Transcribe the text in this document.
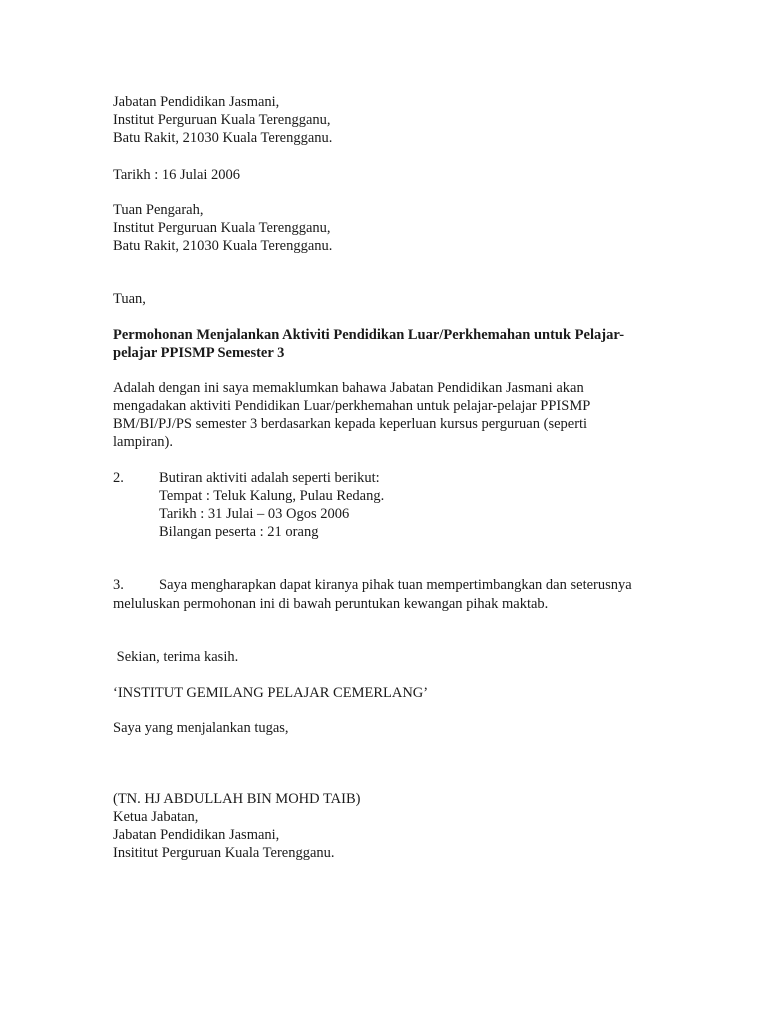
Jabatan Pendidikan Jasmani,
Institut Perguruan Kuala Terengganu,
Batu Rakit, 21030 Kuala Terengganu.
Tarikh : 16 Julai 2006
Tuan Pengarah,
Institut Perguruan Kuala Terengganu,
Batu Rakit, 21030 Kuala Terengganu.
Tuan,
Permohonan Menjalankan Aktiviti Pendidikan Luar/Perkhemahan untuk Pelajar-
pelajar PPISMP Semester 3
Adalah dengan ini saya memaklumkan bahawa Jabatan Pendidikan Jasmani akan
mengadakan aktiviti Pendidikan Luar/perkhemahan untuk pelajar-pelajar PPISMP
BM/BI/PJ/PS semester 3 berdasarkan kepada keperluan kursus perguruan (seperti
lampiran).
2. Butiran aktiviti adalah seperti berikut:
Tempat : Teluk Kalung, Pulau Redang.
Tarikh : 31 Julai – 03 Ogos 2006
Bilangan peserta : 21 orang
3. Saya mengharapkan dapat kiranya pihak tuan mempertimbangkan dan seterusnya
meluluskan permohonan ini di bawah peruntukan kewangan pihak maktab.
Sekian, terima kasih.
‘INSTITUT GEMILANG PELAJAR CEMERLANG’
Saya yang menjalankan tugas,
(TN. HJ ABDULLAH BIN MOHD TAIB)
Ketua Jabatan,
Jabatan Pendidikan Jasmani,
Insititut Perguruan Kuala Terengganu.
